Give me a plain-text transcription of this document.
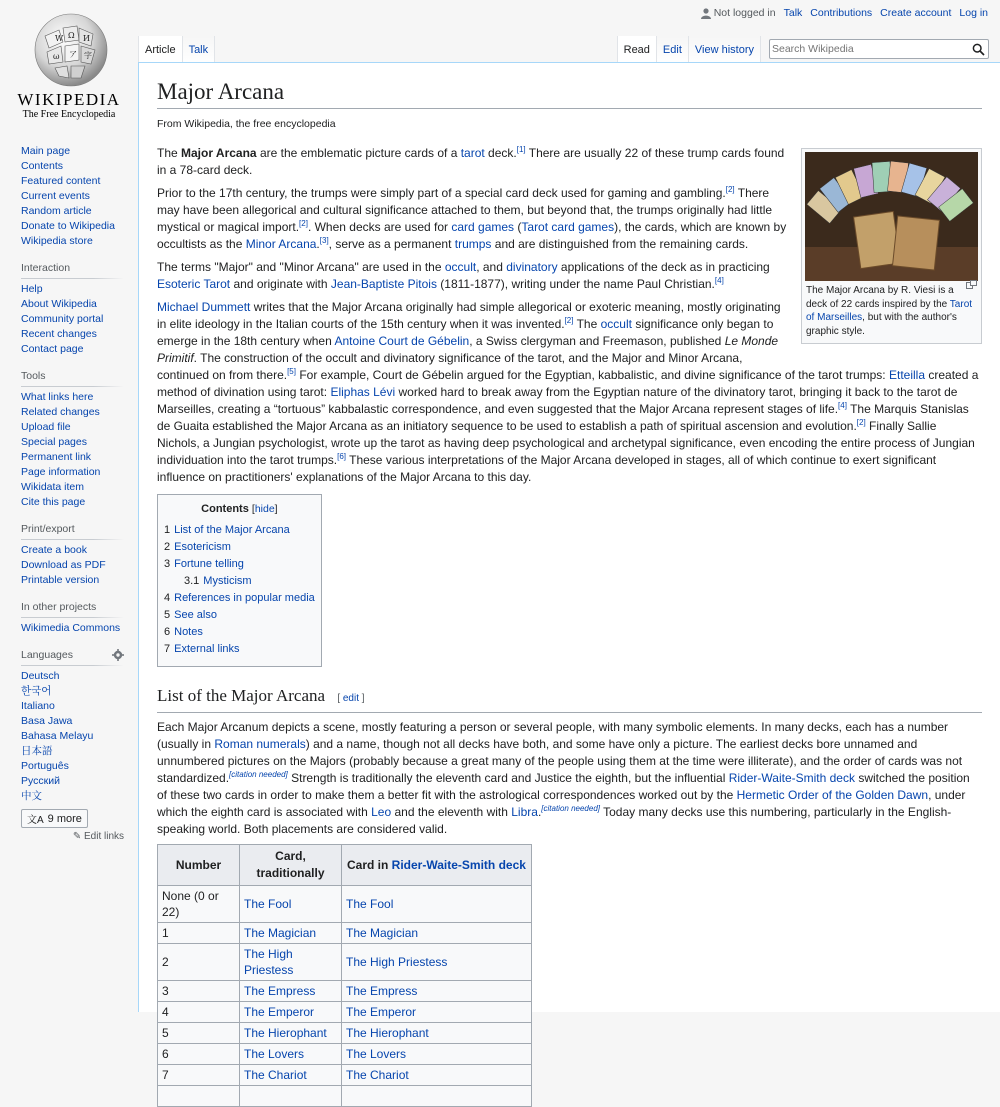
W Ω И
ω ア 字
WIKIPEDIA
The Free Encyclopedia
Main page
Contents
Featured content
Current events
Random article
Donate to Wikipedia
Wikipedia store
Interaction
Help
About Wikipedia
Community portal
Recent changes
Contact page
Tools
What links here
Related changes
Upload file
Special pages
Permanent link
Page information
Wikidata item
Cite this page
Print/export
Create a book
Download as PDF
Printable version
In other projects
Wikimedia Commons
Languages
Deutsch
한국어
Italiano
Basa Jawa
Bahasa Melayu
日本語
Português
Русский
中文
文A 9 more
✎ Edit links
Not logged in Talk Contributions Create account Log in
Article	Talk	Read	Edit	View history
Search Wikipedia
Major Arcana
From Wikipedia, the free encyclopedia
The Major Arcana by R. Viesi is a deck of 22 cards inspired by the Tarot of Marseilles, but with the author's graphic style.

The Major Arcana are the emblematic picture cards of a tarot deck.[1] There are usually 22 of these trump cards found in a 78-card deck.

Prior to the 17th century, the trumps were simply part of a special card deck used for gaming and gambling.[2] There may have been allegorical and cultural significance attached to them, but beyond that, the trumps originally had little mystical or magical import.[2]. When decks are used for card games (Tarot card games), the cards, which are known by occultists as the Minor Arcana.[3], serve as a permanent trumps and are distinguished from the remaining cards.

The terms "Major" and "Minor Arcana" are used in the occult, and divinatory applications of the deck as in practicing Esoteric Tarot and originate with Jean-Baptiste Pitois (1811-1877), writing under the name Paul Christian.[4]

Michael Dummett writes that the Major Arcana originally had simple allegorical or exoteric meaning, mostly originating in elite ideology in the Italian courts of the 15th century when it was invented.[2] The occult significance only began to emerge in the 18th century when Antoine Court de Gébelin, a Swiss clergyman and Freemason, published Le Monde Primitif. The construction of the occult and divinatory significance of the tarot, and the Major and Minor Arcana, continued on from there.[5] For example, Court de Gébelin argued for the Egyptian, kabbalistic, and divine significance of the tarot trumps: Etteilla created a method of divination using tarot: Eliphas Lévi worked hard to break away from the Egyptian nature of the divinatory tarot, bringing it back to the tarot de Marseilles, creating a “tortuous” kabbalastic correspondence, and even suggested that the Major Arcana represent stages of life.[4] The Marquis Stanislas de Guaita established the Major Arcana as an initiatory sequence to be used to establish a path of spiritual ascension and evolution.[2] Finally Sallie Nichols, a Jungian psychologist, wrote up the tarot as having deep psychological and archetypal significance, even encoding the entire process of Jungian individuation into the tarot trumps.[6] These various interpretations of the Major Arcana developed in stages, all of which continue to exert significant influence on practitioners' explanations of the Major Arcana to this day.

Contents [hide]
1 List of the Major Arcana
2 Esotericism
3 Fortune telling
3.1 Mysticism
4 References in popular media
5 See also
6 Notes
7 External links
List of the Major Arcana [ edit ]

Each Major Arcanum depicts a scene, mostly featuring a person or several people, with many symbolic elements. In many decks, each has a number (usually in Roman numerals) and a name, though not all decks have both, and some have only a picture. The earliest decks bore unnamed and unnumbered pictures on the Majors (probably because a great many of the people using them at the time were illiterate), and the order of cards was not standardized.[citation needed] Strength is traditionally the eleventh card and Justice the eighth, but the influential Rider-Waite-Smith deck switched the position of these two cards in order to make them a better fit with the astrological correspondences worked out by the Hermetic Order of the Golden Dawn, under which the eighth card is associated with Leo and the eleventh with Libra.[citation needed] Today many decks use this numbering, particularly in the English-speaking world. Both placements are considered valid.

Number	Card, traditionally	Card in Rider-Waite-Smith deck
None (0 or 22)	The Fool	The Fool
1	The Magician	The Magician
2	The High Priestess	The High Priestess
3	The Empress	The Empress
4	The Emperor	The Emperor
5	The Hierophant	The Hierophant
6	The Lovers	The Lovers
7	The Chariot	The Chariot
